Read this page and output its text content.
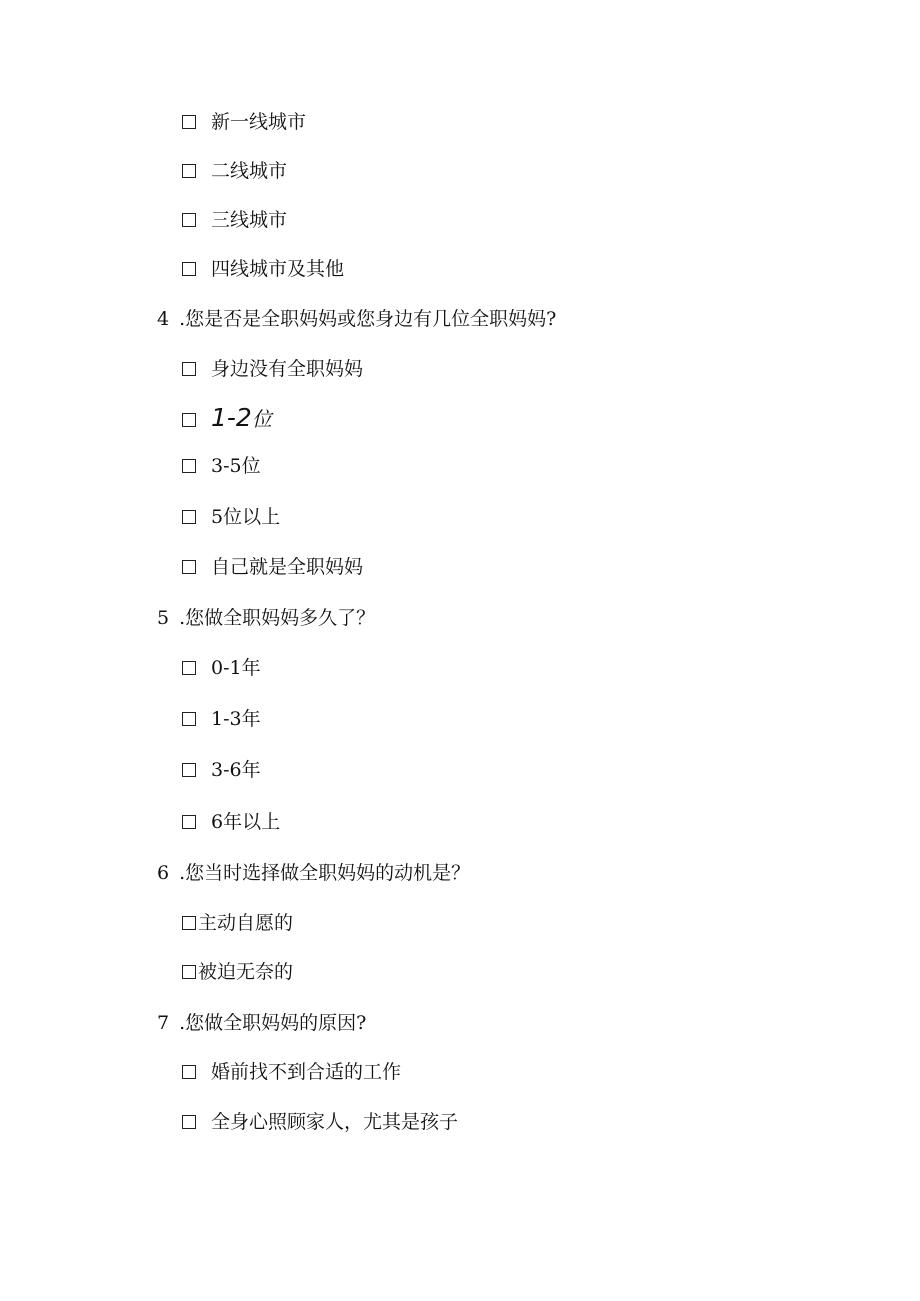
新一线城市
二线城市
三线城市
四线城市及其他
4 .您是否是全职妈妈或您身边有几位全职妈妈?
身边没有全职妈妈
1-2位
3-5位
5位以上
自己就是全职妈妈
5 .您做全职妈妈多久了？
0-1年
1-3年
3-6年
6年以上
6 .您当时选择做全职妈妈的动机是？
主动自愿的
被迫无奈的
7 .您做全职妈妈的原因?
婚前找不到合适的工作
全身心照顾家人，尤其是孩子
